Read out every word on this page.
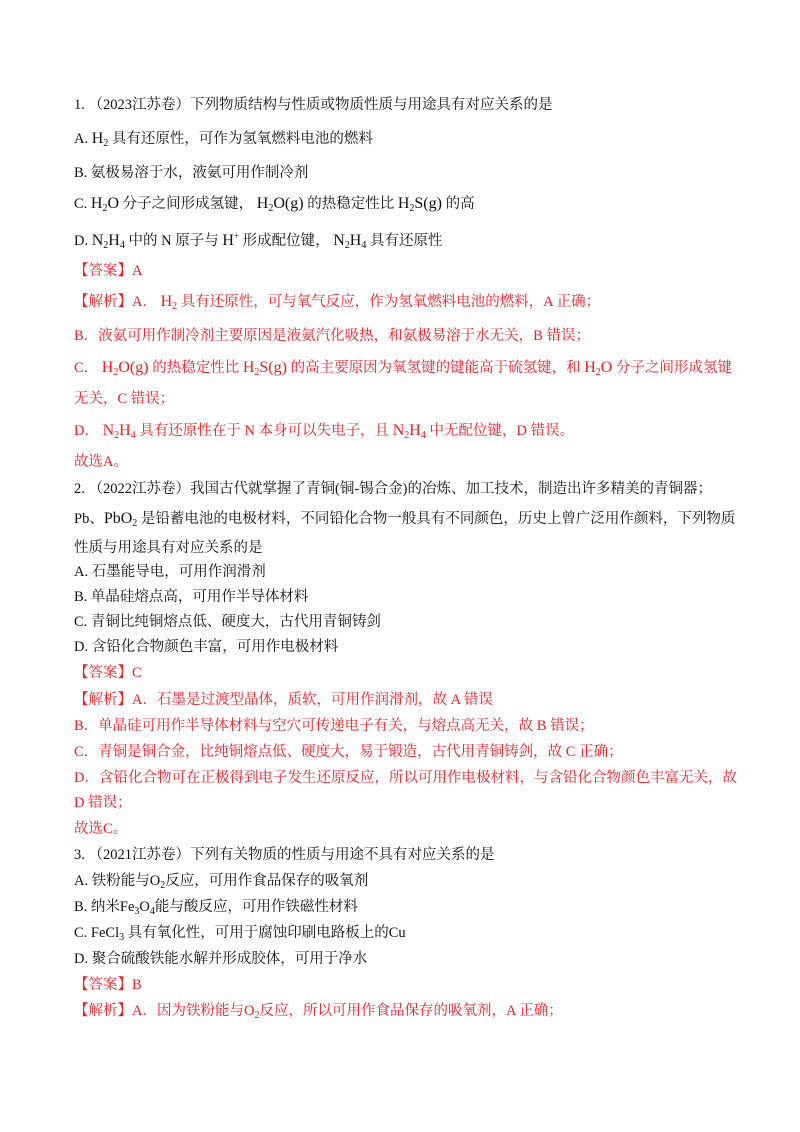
1. （2023江苏卷）下列物质结构与性质或物质性质与用途具有对应关系的是

A. $H_2$ 具有还原性，可作为氢氧燃料电池的燃料

B. 氨极易溶于水，液氨可用作制冷剂

C. $H_2O$ 分子之间形成氢键， $H_2O(g)$ 的热稳定性比 $H_2S(g)$ 的高

D. $N_2H_4$ 中的 N 原子与 H+ 形成配位键， $N_2H_4$ 具有还原性

【答案】A

【解析】A． $H_2$ 具有还原性，可与氧气反应，作为氢氧燃料电池的燃料，A 正确；

B．液氨可用作制冷剂主要原因是液氨汽化吸热，和氨极易溶于水无关，B 错误；

C． $H_2O(g)$ 的热稳定性比 $H_2S(g)$ 的高主要原因为氧氢键的键能高于硫氢键，和 $H_2O$ 分子之间形成氢键

无关，C 错误；

D． $N_2H_4$ 具有还原性在于 N 本身可以失电子，且 $N_2H_4$ 中无配位键，D 错误。

故选A。

2. （2022江苏卷）我国古代就掌握了青铜(铜-锡合金)的冶炼、加工技术，制造出许多精美的青铜器；

Pb、PbO$_2$ 是铅蓄电池的电极材料，不同铅化合物一般具有不同颜色，历史上曾广泛用作颜料，下列物质

性质与用途具有对应关系的是

A. 石墨能导电，可用作润滑剂

B. 单晶硅熔点高，可用作半导体材料

C. 青铜比纯铜熔点低、硬度大，古代用青铜铸剑

D. 含铅化合物颜色丰富，可用作电极材料

【答案】C

【解析】A．石墨是过渡型晶体，质软，可用作润滑剂，故 A 错误

B．单晶硅可用作半导体材料与空穴可传递电子有关，与熔点高无关，故 B 错误；

C．青铜是铜合金，比纯铜熔点低、硬度大，易于锻造，古代用青铜铸剑，故 C 正确；

D．含铅化合物可在正极得到电子发生还原反应，所以可用作电极材料，与含铅化合物颜色丰富无关，故

D 错误；

故选C。

3. （2021江苏卷）下列有关物质的性质与用途不具有对应关系的是

A. 铁粉能与$O_2$反应，可用作食品保存的吸氧剂

B. 纳米$Fe_3O_4$能与酸反应，可用作铁磁性材料

C. FeCl$_3$ 具有氧化性，可用于腐蚀印刷电路板上的Cu

D. 聚合硫酸铁能水解并形成胶体，可用于净水

【答案】B

【解析】A．因为铁粉能与$O_2$反应，所以可用作食品保存的吸氧剂，A 正确；
